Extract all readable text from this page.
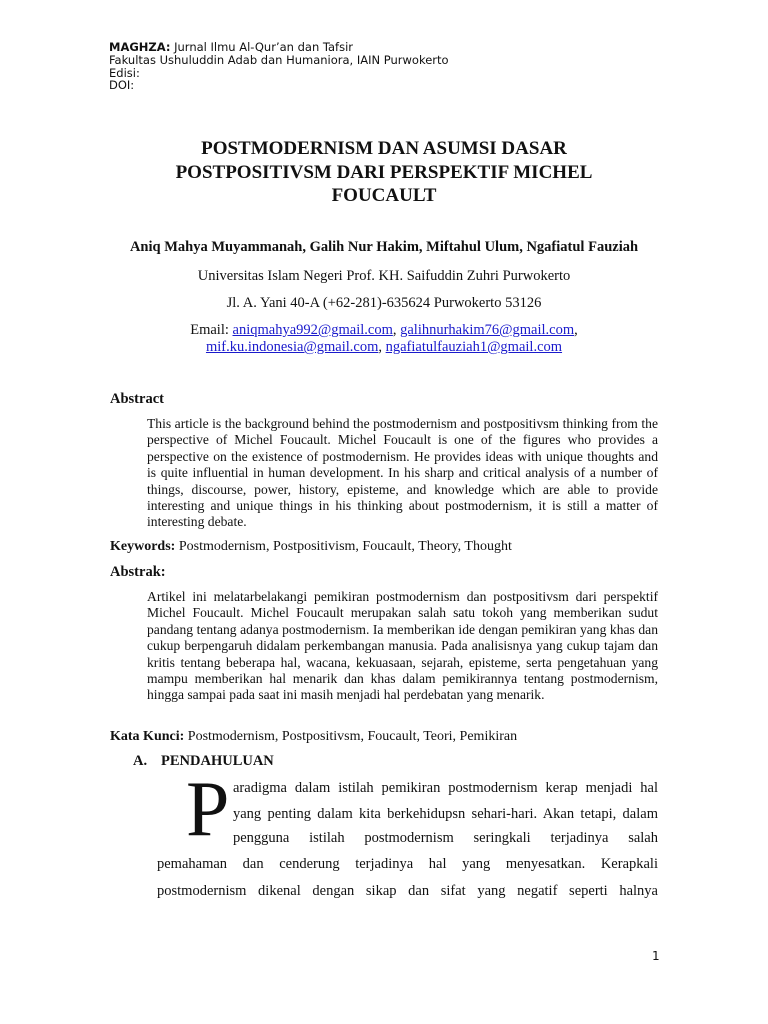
MAGHZA: Jurnal Ilmu Al-Qur’an dan Tafsir
Fakultas Ushuluddin Adab dan Humaniora, IAIN Purwokerto
Edisi:
DOI:
POSTMODERNISM DAN ASUMSI DASAR
POSTPOSITIVSM DARI PERSPEKTIF MICHEL
FOUCAULT
Aniq Mahya Muyammanah, Galih Nur Hakim, Miftahul Ulum, Ngafiatul Fauziah
Universitas Islam Negeri Prof. KH. Saifuddin Zuhri Purwokerto
Jl. A. Yani 40-A (+62-281)-635624 Purwokerto 53126
Email: aniqmahya992@gmail.com, galihnurhakim76@gmail.com,
mif.ku.indonesia@gmail.com, ngafiatulfauziah1@gmail.com
Abstract
This article is the background behind the postmodernism and postpositivsm thinking from the perspective of Michel Foucault. Michel Foucault is one of the figures who provides a perspective on the existence of postmodernism. He provides ideas with unique thoughts and is quite influential in human development. In his sharp and critical analysis of a number of things, discourse, power, history, episteme, and knowledge which are able to provide interesting and unique things in his thinking about postmodernism, it is still a matter of interesting debate.
Keywords: Postmodernism, Postpositivism, Foucault, Theory, Thought
Abstrak:
Artikel ini melatarbelakangi pemikiran postmodernism dan postpositivsm dari perspektif Michel Foucault. Michel Foucault merupakan salah satu tokoh yang memberikan sudut pandang tentang adanya postmodernism. Ia memberikan ide dengan pemikiran yang khas dan cukup berpengaruh didalam perkembangan manusia. Pada analisisnya yang cukup tajam dan kritis tentang beberapa hal, wacana, kekuasaan, sejarah, episteme, serta pengetahuan yang mampu memberikan hal menarik dan khas dalam pemikirannya tentang postmodernism, hingga sampai pada saat ini masih menjadi hal perdebatan yang menarik.
Kata Kunci: Postmodernism, Postpositivsm, Foucault, Teori, Pemikiran
A. PENDAHULUAN
P aradigma dalam istilah pemikiran postmodernism kerap menjadi hal
yang penting dalam kita berkehidupsn sehari-hari. Akan tetapi, dalam
pengguna istilah postmodernism seringkali terjadinya salah
pemahaman dan cenderung terjadinya hal yang menyesatkan. Kerapkali
postmodernism dikenal dengan sikap dan sifat yang negatif seperti halnya
1
